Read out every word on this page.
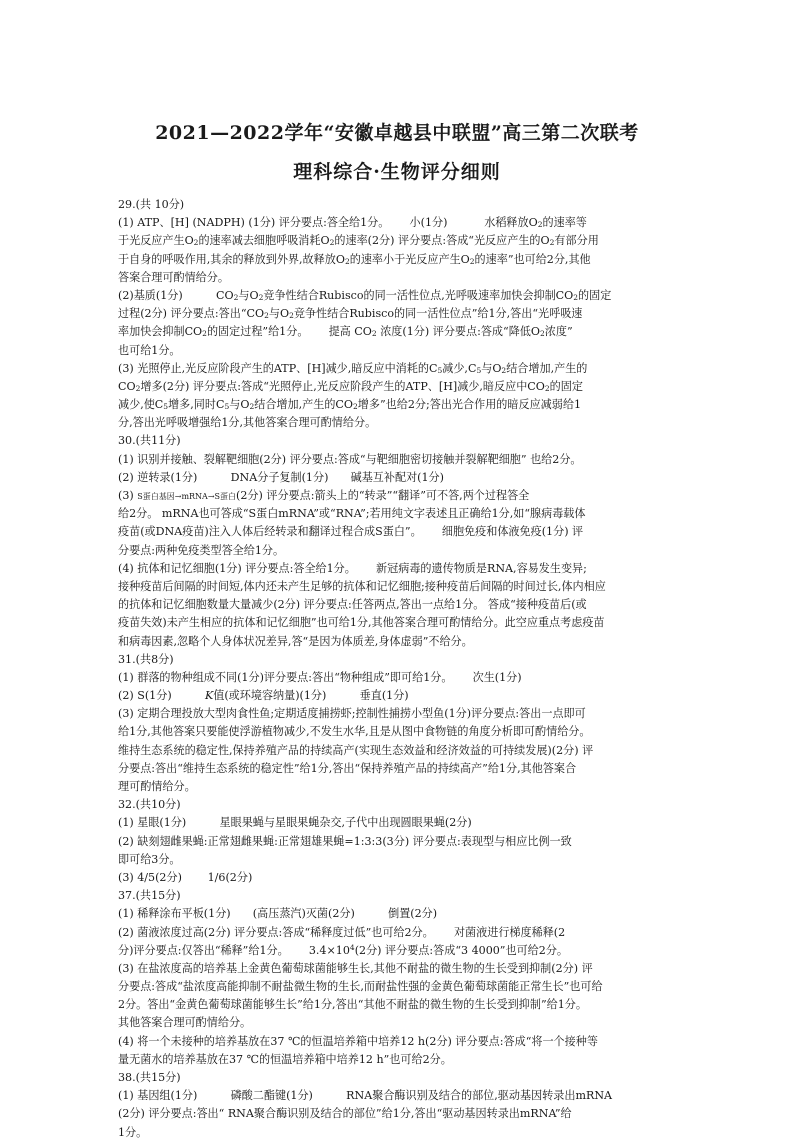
2021—2022学年“安徽卓越县中联盟”高三第二次联考
理科综合·生物评分细则
29.(共 10分)
(1) ATP、[H] (NADPH) (1分) 评分要点:答全给1分。　　 小(1分)　　　 水稻释放$O_2$的速率等
于光反应产生$O_2$的速率减去细胞呼吸消耗$O_2$的速率(2分) 评分要点:答成“光反应产生的$O_2$有部分用
于自身的呼吸作用,其余的释放到外界,故释放$O_2$的速率小于光反应产生$O_2$的速率”也可给2分,其他
答案合理可酌情给分。
(2)基质(1分)　　　$CO_2$与$O_2$竞争性结合Rubisco的同一活性位点,光呼吸速率加快会抑制$CO_2$的固定
过程(2分) 评分要点:答出“$CO_2$与$O_2$竞争性结合Rubisco的同一活性位点”给1分,答出“光呼吸速
率加快会抑制$CO_2$的固定过程”给1分。　　 提高 $CO_2$ 浓度(1分) 评分要点:答成“降低$O_2$浓度”
也可给1分。
(3) 光照停止,光反应阶段产生的ATP、[H]减少,暗反应中消耗的$C_5$减少$,C_5$与$O_2$结合增加,产生的
$CO_2$增多(2分) 评分要点:答成“光照停止,光反应阶段产生的ATP、[H]减少,暗反应中$CO_2$的固定
减少,使$C_5$增多,同时$C_5$与$O_2$结合增加,产生的$CO_2$增多”也给2分;答出光合作用的暗反应减弱给1
分,答出光呼吸增强给1分,其他答案合理可酌情给分。
30.(共11分)
(1) 识别并接触、裂解靶细胞(2分) 评分要点:答成“与靶细胞密切接触并裂解靶细胞” 也给2分。
(2) 逆转录(1分)　　　DNA分子复制(1分)　　碱基互补配对(1分)
(3) S蛋白基因→mRNA→S蛋白(2分) 评分要点:箭头上的“转录”“翻译”可不答,两个过程答全
给2分。 mRNA也可答成“S蛋白mRNA”或“RNA”;若用纯文字表述且正确给1分,如“腺病毒载体
疫苗(或DNA疫苗)注入人体后经转录和翻译过程合成S蛋白”。　　 细胞免疫和体液免疫(1分) 评
分要点:两种免疫类型答全给1分。
(4) 抗体和记忆细胞(1分) 评分要点:答全给1分。　　 新冠病毒的遗传物质是RNA,容易发生变异;
接种疫苗后间隔的时间短,体内还未产生足够的抗体和记忆细胞;接种疫苗后间隔的时间过长,体内相应
的抗体和记忆细胞数量大量减少(2分) 评分要点:任答两点,答出一点给1分。 答成“接种疫苗后(或
疫苗失效)未产生相应的抗体和记忆细胞”也可给1分,其他答案合理可酌情给分。此空应重点考虑疫苗
和病毒因素,忽略个人身体状况差异,答“是因为体质差,身体虚弱”不给分。
31.(共8分)
(1) 群落的物种组成不同(1分)评分要点:答出“物种组成”即可给1分。　　 次生(1分)
(2) S(1分)　　　K值(或环境容纳量)(1分)　　　垂直(1分)
(3) 定期合理投放大型肉食性鱼;定期适度捕捞虾;控制性捕捞小型鱼(1分)评分要点:答出一点即可
给1分,其他答案只要能使浮游植物减少,不发生水华,且是从图中食物链的角度分析即可酌情给分。
维持生态系统的稳定性,保持养殖产品的持续高产(实现生态效益和经济效益的可持续发展)(2分) 评
分要点:答出“维持生态系统的稳定性”给1分,答出“保持养殖产品的持续高产”给1分,其他答案合
理可酌情给分。
32.(共10分)
(1) 星眼(1分)　　　星眼果蝇与星眼果蝇杂交,子代中出现圆眼果蝇(2分)
(2) 缺刻翅雌果蝇:正常翅雌果蝇:正常翅雄果蝇=1:3:3(3分) 评分要点:表现型与相应比例一致
即可给3分。
(3) 4/5(2分)　　 1/6(2分)
37.(共15分)
(1) 稀释涂布平板(1分)　　(高压蒸汽)灭菌(2分)　　　倒置(2分)
(2) 菌液浓度过高(2分) 评分要点:答成“稀释度过低”也可给2分。　　 对菌液进行梯度稀释(2
分)评分要点:仅答出“稀释”给1分。　　 $3.4\times 10^4(2$分) 评分要点:答成“3 4000”也可给2分。
(3) 在盐浓度高的培养基上金黄色葡萄球菌能够生长,其他不耐盐的微生物的生长受到抑制(2分) 评
分要点:答成“盐浓度高能抑制不耐盐微生物的生长,而耐盐性强的金黄色葡萄球菌能正常生长”也可给
2分。答出“金黄色葡萄球菌能够生长”给1分,答出“其他不耐盐的微生物的生长受到抑制”给1分。
其他答案合理可酌情给分。
(4) 将一个未接种的培养基放在37 ℃的恒温培养箱中培养12 h(2分) 评分要点:答成“将一个接种等
量无菌水的培养基放在37 ℃的恒温培养箱中培养12 h”也可给2分。
38.(共15分)
(1) 基因组(1分)　　　磷酸二酯键(1分)　　　RNA聚合酶识别及结合的部位,驱动基因转录出mRNA
(2分) 评分要点:答出“ RNA聚合酶识别及结合的部位”给1分,答出“驱动基因转录出mRNA”给
1分。
